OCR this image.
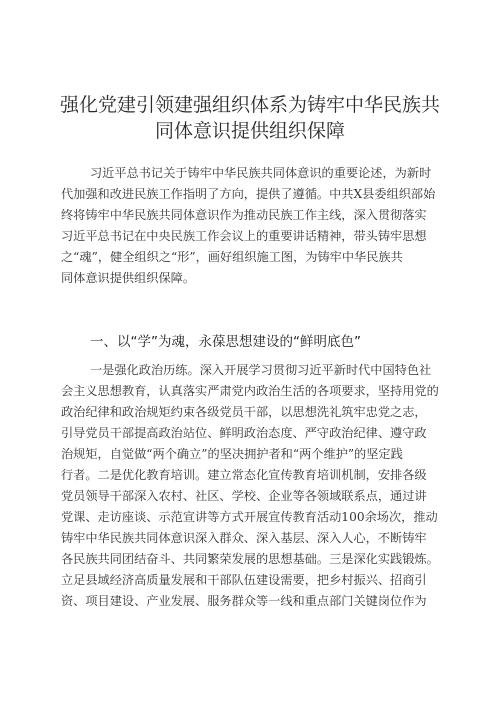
强化党建引领建强组织体系为铸牢中华民族共
同体意识提供组织保障
习近平总书记关于铸牢中华民族共同体意识的重要论述，为新时
代加强和改进民族工作指明了方向，提供了遵循。中共X县委组织部始
终将铸牢中华民族共同体意识作为推动民族工作主线，深入贯彻落实
习近平总书记在中央民族工作会议上的重要讲话精神，带头铸牢思想
之“魂”，健全组织之“形”，画好组织施工图，为铸牢中华民族共
同体意识提供组织保障。
一、以“学”为魂，永葆思想建设的“鲜明底色”
一是强化政治历练。深入开展学习贯彻习近平新时代中国特色社
会主义思想教育，认真落实严肃党内政治生活的各项要求，坚持用党的
政治纪律和政治规矩约束各级党员干部，以思想洗礼筑牢忠党之志，
引导党员干部提高政治站位、鲜明政治态度、严守政治纪律、遵守政
治规矩，自觉做“两个确立”的坚决拥护者和“两个维护”的坚定践
行者。二是优化教育培训。建立常态化宣传教育培训机制，安排各级
党员领导干部深入农村、社区、学校、企业等各领域联系点，通过讲
党课、走访座谈、示范宣讲等方式开展宣传教育活动100余场次，推动
铸牢中华民族共同体意识深入群众、深入基层、深入人心，不断铸牢
各民族共同团结奋斗、共同繁荣发展的思想基础。三是深化实践锻炼。
立足县域经济高质量发展和干部队伍建设需要，把乡村振兴、招商引
资、项目建设、产业发展、服务群众等一线和重点部门关键岗位作为
